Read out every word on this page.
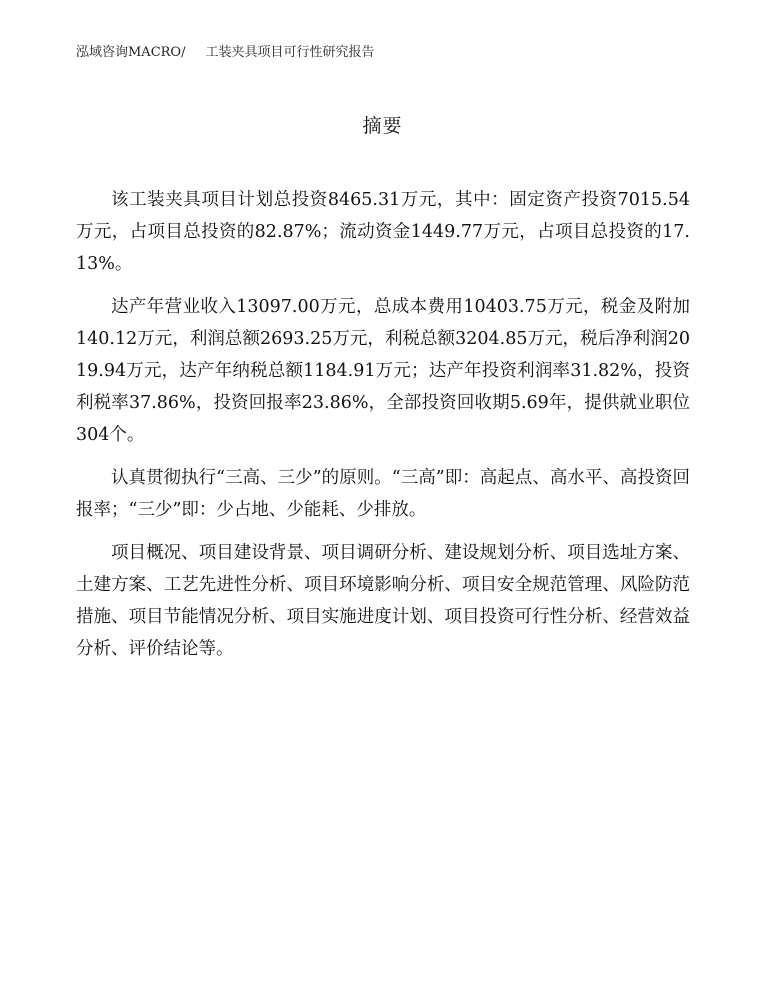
泓域咨询MACRO/ 工装夹具项目可行性研究报告
摘要

该工装夹具项目计划总投资8465.31万元，其中：固定资产投资7015.54万元，占项目总投资的82.87%；流动资金1449.77万元，占项目总投资的17.13%。

达产年营业收入13097.00万元，总成本费用10403.75万元，税金及附加140.12万元，利润总额2693.25万元，利税总额3204.85万元，税后净利润2019.94万元，达产年纳税总额1184.91万元；达产年投资利润率31.82%，投资利税率37.86%，投资回报率23.86%，全部投资回收期5.69年，提供就业职位304个。

认真贯彻执行“三高、三少”的原则。“三高”即：高起点、高水平、高投资回报率；“三少”即：少占地、少能耗、少排放。

项目概况、项目建设背景、项目调研分析、建设规划分析、项目选址方案、土建方案、工艺先进性分析、项目环境影响分析、项目安全规范管理、风险防范措施、项目节能情况分析、项目实施进度计划、项目投资可行性分析、经营效益分析、评价结论等。
